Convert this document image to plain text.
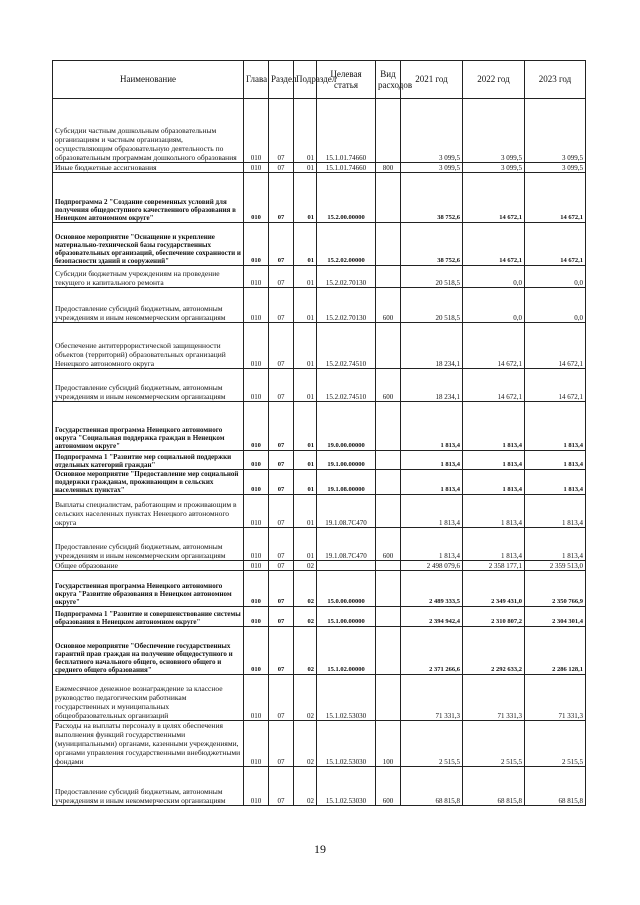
Наименование	Глава	Раздел	Подраздел	Целевая статья	Вид расходов	2021 год	2022 год	2023 год
Субсидии частным дошкольным образовательным организациям и частным организациям, осуществляющим образовательную деятельность по образовательным программам дошкольного образования	010	07	01	15.1.01.74660		3 099,5	3 099,5	3 099,5
Иные бюджетные ассигнования	010	07	01	15.1.01.74660	800	3 099,5	3 099,5	3 099,5
Подпрограмма 2 "Создание современных условий для получения общедоступного качественного образования в Ненецком автономном округе"	010	07	01	15.2.00.00000		38 752,6	14 672,1	14 672,1
Основное мероприятие "Оснащение и укрепление материально-технической базы государственных образовательных организаций, обеспечение сохранности и безопасности зданий и сооружений"	010	07	01	15.2.02.00000		38 752,6	14 672,1	14 672,1
Субсидии бюджетным учреждениям на проведение текущего и капитального ремонта	010	07	01	15.2.02.70130		20 518,5	0,0	0,0
Предоставление субсидий бюджетным, автономным учреждениям и иным некоммерческим организациям	010	07	01	15.2.02.70130	600	20 518,5	0,0	0,0
Обеспечение антитеррористической защищенности объектов (территорий) образовательных организаций Ненецкого автономного округа	010	07	01	15.2.02.74510		18 234,1	14 672,1	14 672,1
Предоставление субсидий бюджетным, автономным учреждениям и иным некоммерческим организациям	010	07	01	15.2.02.74510	600	18 234,1	14 672,1	14 672,1
Государственная программа Ненецкого автономного округа "Социальная поддержка граждан в Ненецком автономном округе"	010	07	01	19.0.00.00000		1 813,4	1 813,4	1 813,4
Подпрограмма 1 "Развитие мер социальной поддержки отдельных категорий граждан"	010	07	01	19.1.00.00000		1 813,4	1 813,4	1 813,4
Основное мероприятие "Предоставление мер социальной поддержки гражданам, проживающим в сельских населенных пунктах"	010	07	01	19.1.08.00000		1 813,4	1 813,4	1 813,4
Выплаты специалистам, работающим и проживающим в сельских населенных пунктах Ненецкого автономного округа	010	07	01	19.1.08.7С470		1 813,4	1 813,4	1 813,4
Предоставление субсидий бюджетным, автономным учреждениям и иным некоммерческим организациям	010	07	01	19.1.08.7С470	600	1 813,4	1 813,4	1 813,4
Общее образование	010	07	02			2 498 079,6	2 358 177,1	2 359 513,0
Государственная программа Ненецкого автономного округа "Развитие образования в Ненецком автономном округе"	010	07	02	15.0.00.00000		2 489 333,5	2 349 431,0	2 350 766,9
Подпрограмма 1 "Развитие и совершенствование системы образования в Ненецком автономном округе"	010	07	02	15.1.00.00000		2 394 942,4	2 310 807,2	2 304 301,4
Основное мероприятие "Обеспечение государственных гарантий прав граждан на получение общедоступного и бесплатного начального общего, основного общего и среднего общего образования"	010	07	02	15.1.02.00000		2 371 266,6	2 292 633,2	2 286 128,1
Ежемесячное денежное вознаграждение за классное руководство педагогическим работникам государственных и муниципальных общеобразовательных организаций	010	07	02	15.1.02.53030		71 331,3	71 331,3	71 331,3
Расходы на выплаты персоналу в целях обеспечения выполнения функций государственными (муниципальными) органами, казенными учреждениями, органами управления государственными внебюджетными фондами	010	07	02	15.1.02.53030	100	2 515,5	2 515,5	2 515,5
Предоставление субсидий бюджетным, автономным учреждениям и иным некоммерческим организациям	010	07	02	15.1.02.53030	600	68 815,8	68 815,8	68 815,8
19
